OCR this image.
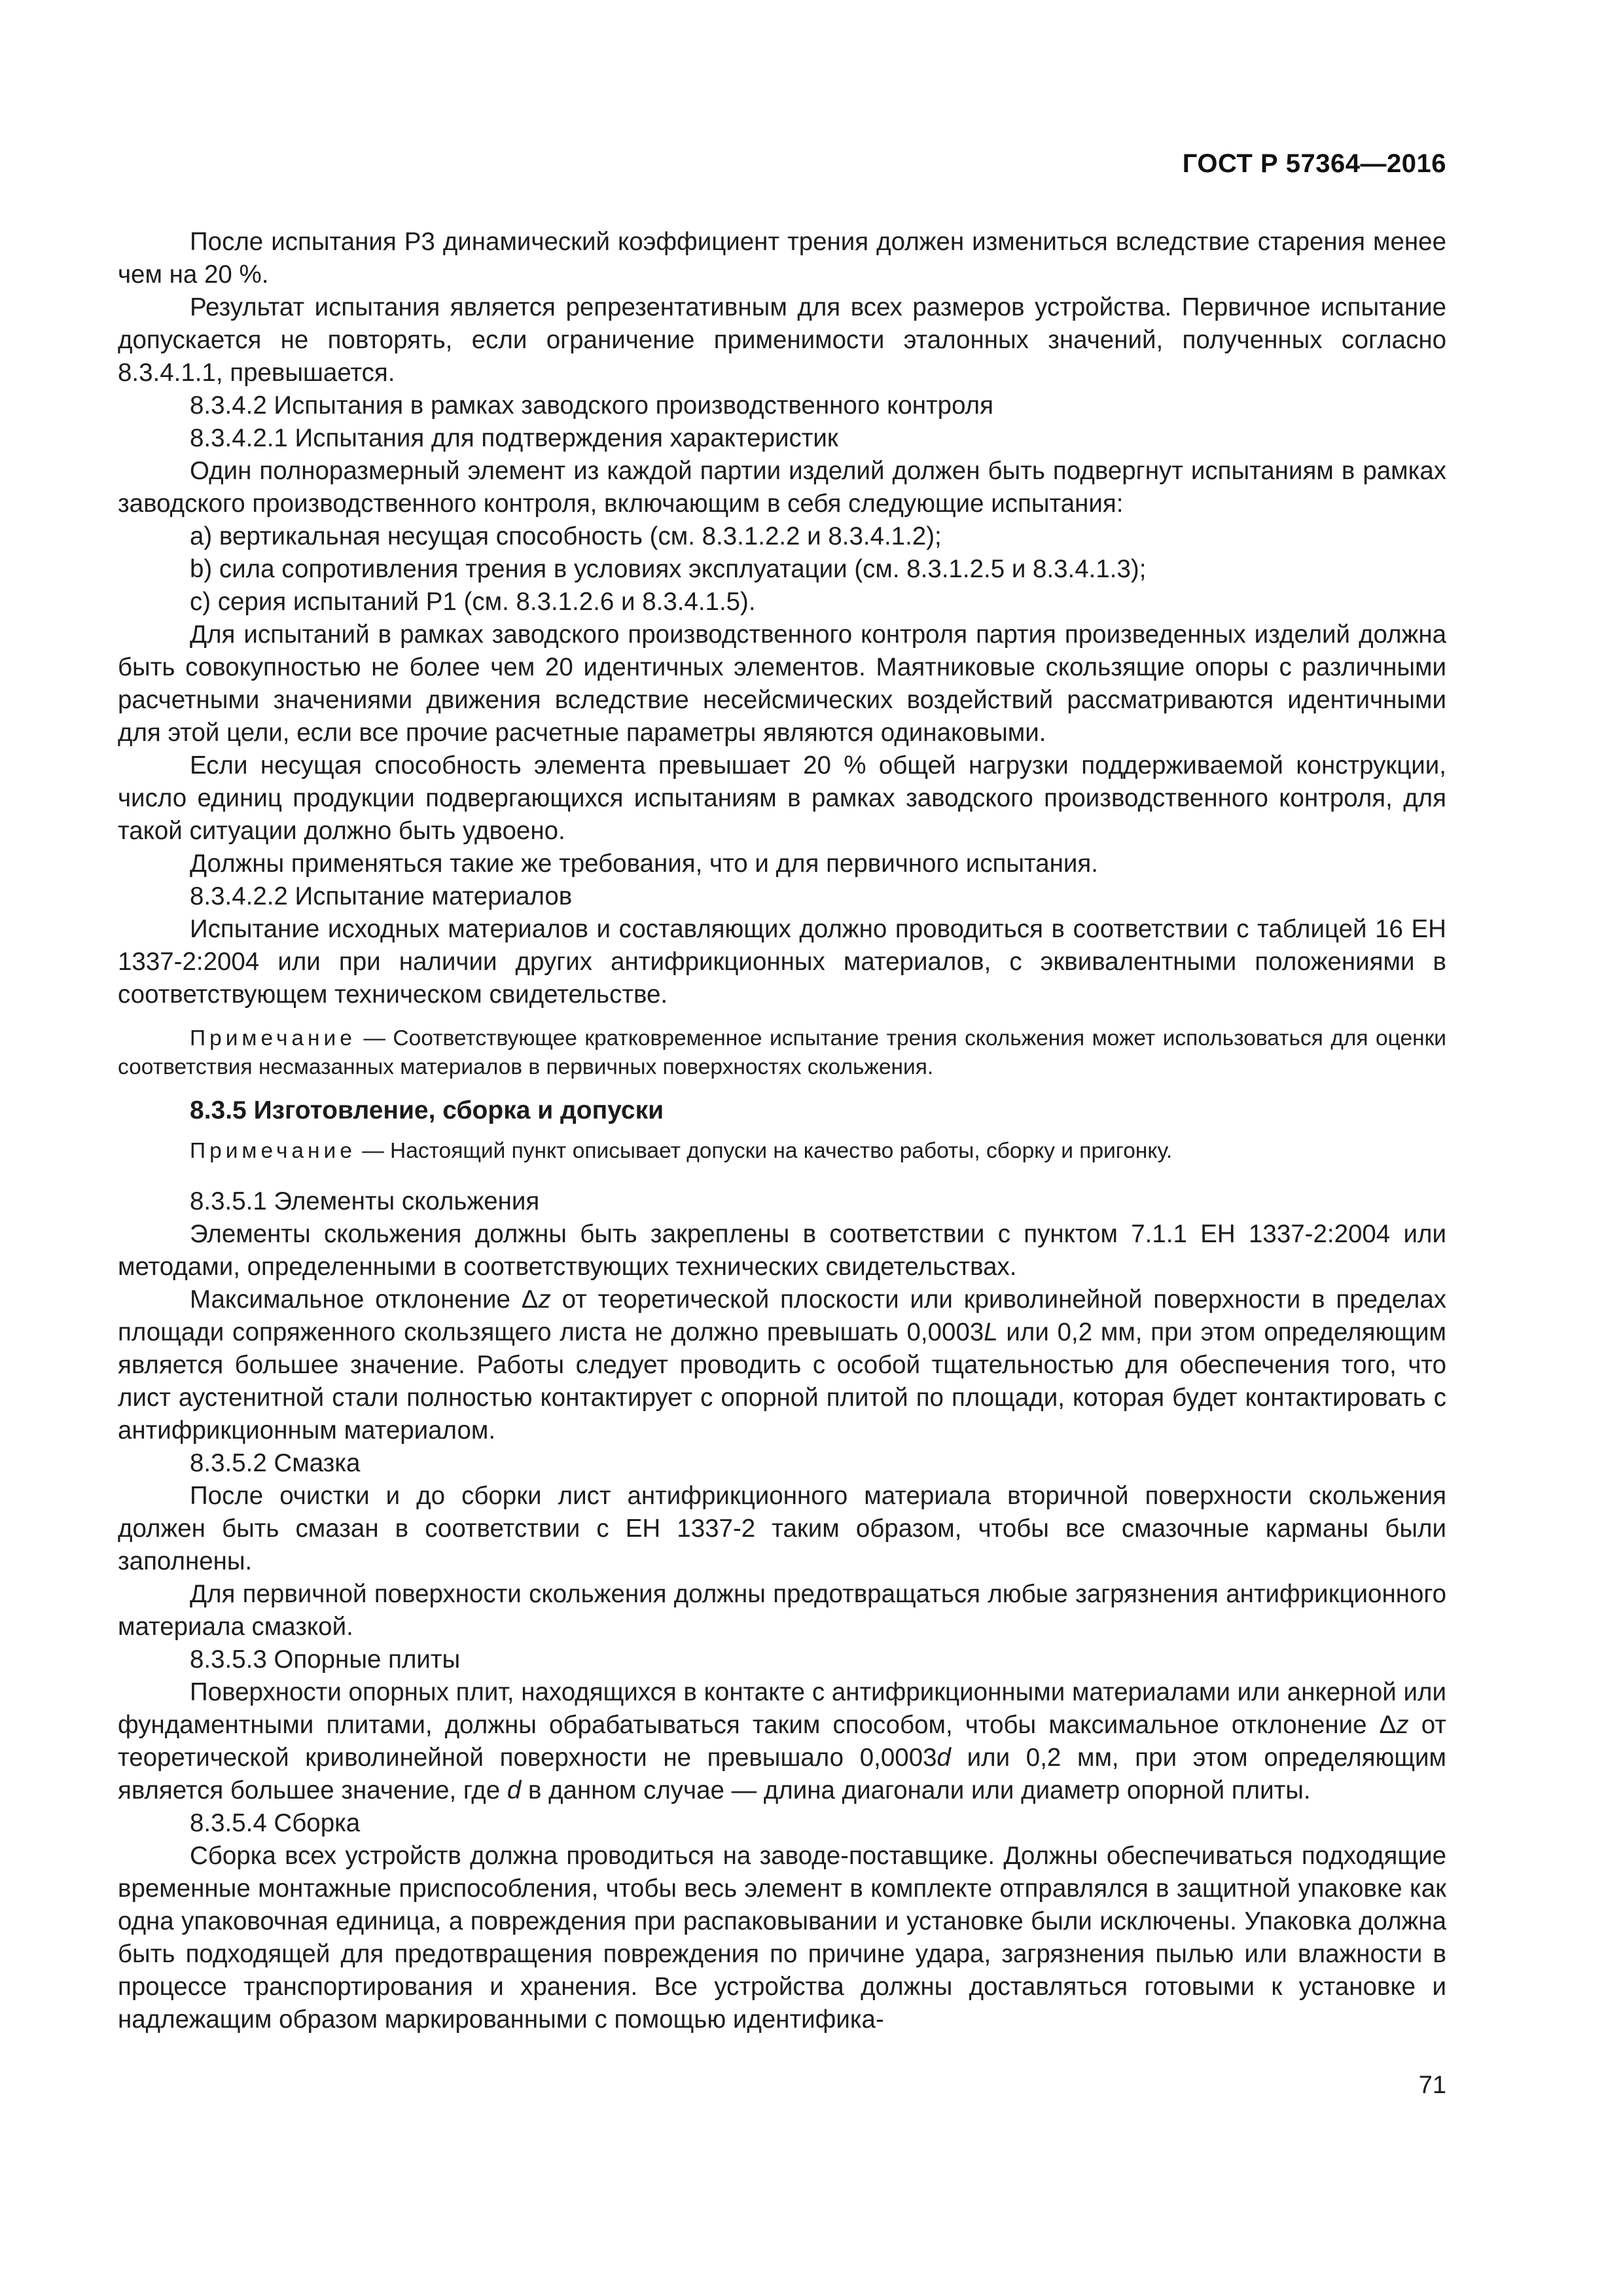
ГОСТ Р 57364—2016

После испытания Р3 динамический коэффициент трения должен измениться вследствие старения менее чем на 20 %.

Результат испытания является репрезентативным для всех размеров устройства. Первичное испытание допускается не повторять, если ограничение применимости эталонных значений, полученных согласно 8.3.4.1.1, превышается.

8.3.4.2 Испытания в рамках заводского производственного контроля

8.3.4.2.1 Испытания для подтверждения характеристик

Один полноразмерный элемент из каждой партии изделий должен быть подвергнут испытаниям в рамках заводского производственного контроля, включающим в себя следующие испытания:

a) вертикальная несущая способность (см. 8.3.1.2.2 и 8.3.4.1.2);

b) сила сопротивления трения в условиях эксплуатации (см. 8.3.1.2.5 и 8.3.4.1.3);

c) серия испытаний Р1 (см. 8.3.1.2.6 и 8.3.4.1.5).

Для испытаний в рамках заводского производственного контроля партия произведенных изделий должна быть совокупностью не более чем 20 идентичных элементов. Маятниковые скользящие опоры с различными расчетными значениями движения вследствие несейсмических воздействий рассматриваются идентичными для этой цели, если все прочие расчетные параметры являются одинаковыми.

Если несущая способность элемента превышает 20 % общей нагрузки поддерживаемой конструкции, число единиц продукции подвергающихся испытаниям в рамках заводского производственного контроля, для такой ситуации должно быть удвоено.

Должны применяться такие же требования, что и для первичного испытания.

8.3.4.2.2 Испытание материалов

Испытание исходных материалов и составляющих должно проводиться в соответствии с таблицей 16 ЕН 1337-2:2004 или при наличии других антифрикционных материалов, с эквивалентными положениями в соответствующем техническом свидетельстве.

Примечание — Соответствующее кратковременное испытание трения скольжения может использоваться для оценки соответствия несмазанных материалов в первичных поверхностях скольжения.

8.3.5 Изготовление, сборка и допуски

Примечание — Настоящий пункт описывает допуски на качество работы, сборку и пригонку.

8.3.5.1 Элементы скольжения

Элементы скольжения должны быть закреплены в соответствии с пунктом 7.1.1 ЕН 1337-2:2004 или методами, определенными в соответствующих технических свидетельствах.

Максимальное отклонение Δz от теоретической плоскости или криволинейной поверхности в пределах площади сопряженного скользящего листа не должно превышать 0,0003L или 0,2 мм, при этом определяющим является большее значение. Работы следует проводить с особой тщательностью для обеспечения того, что лист аустенитной стали полностью контактирует с опорной плитой по площади, которая будет контактировать с антифрикционным материалом.

8.3.5.2 Смазка

После очистки и до сборки лист антифрикционного материала вторичной поверхности скольжения должен быть смазан в соответствии с ЕН 1337-2 таким образом, чтобы все смазочные карманы были заполнены.

Для первичной поверхности скольжения должны предотвращаться любые загрязнения антифрикционного материала смазкой.

8.3.5.3 Опорные плиты

Поверхности опорных плит, находящихся в контакте с антифрикционными материалами или анкерной или фундаментными плитами, должны обрабатываться таким способом, чтобы максимальное отклонение Δz от теоретической криволинейной поверхности не превышало 0,0003d или 0,2 мм, при этом определяющим является большее значение, где d в данном случае — длина диагонали или диаметр опорной плиты.

8.3.5.4 Сборка

Сборка всех устройств должна проводиться на заводе-поставщике. Должны обеспечиваться подходящие временные монтажные приспособления, чтобы весь элемент в комплекте отправлялся в защитной упаковке как одна упаковочная единица, а повреждения при распаковывании и установке были исключены. Упаковка должна быть подходящей для предотвращения повреждения по причине удара, загрязнения пылью или влажности в процессе транспортирования и хранения. Все устройства должны доставляться готовыми к установке и надлежащим образом маркированными с помощью идентифика-

71
